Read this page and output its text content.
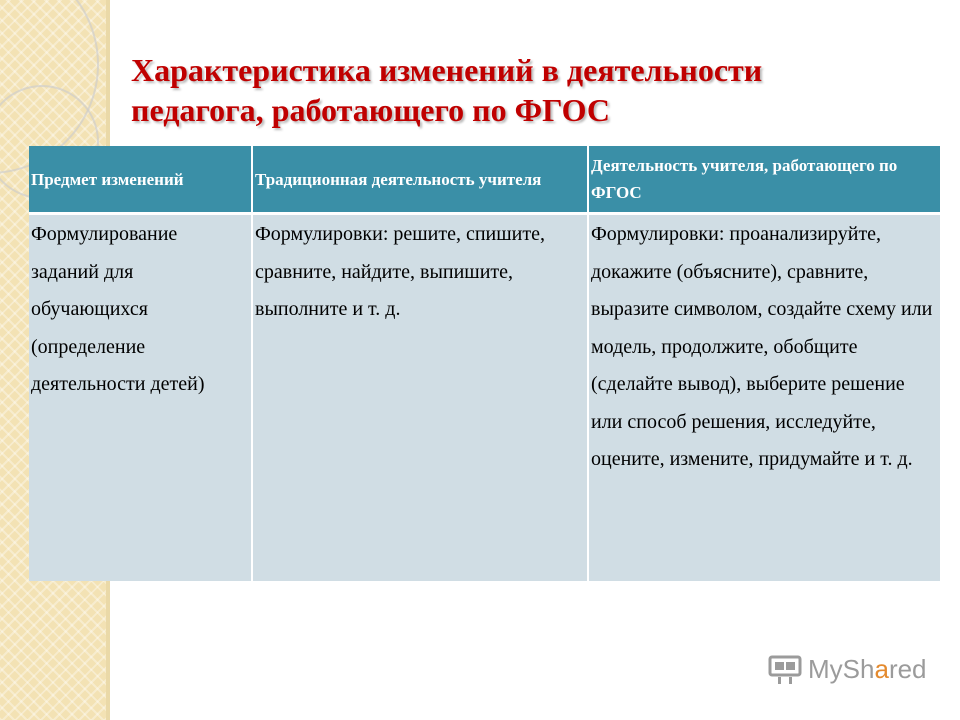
Характеристика изменений в деятельности
педагога, работающего по ФГОС
Предмет изменений	Традиционная деятельность учителя	Деятельность учителя, работающего по ФГОС
Формулирование заданий для обучающихся (определение деятельности детей)	Формулировки: решите, спишите, сравните, найдите, выпишите, выполните и т. д.	Формулировки: проанализируйте, докажите (объясните), сравните, выразите символом, создайте схему или модель, продолжите, обобщите (сделайте вывод), выберите решение или способ решения, исследуйте, оцените, измените, придумайте и т. д.
MyShared
